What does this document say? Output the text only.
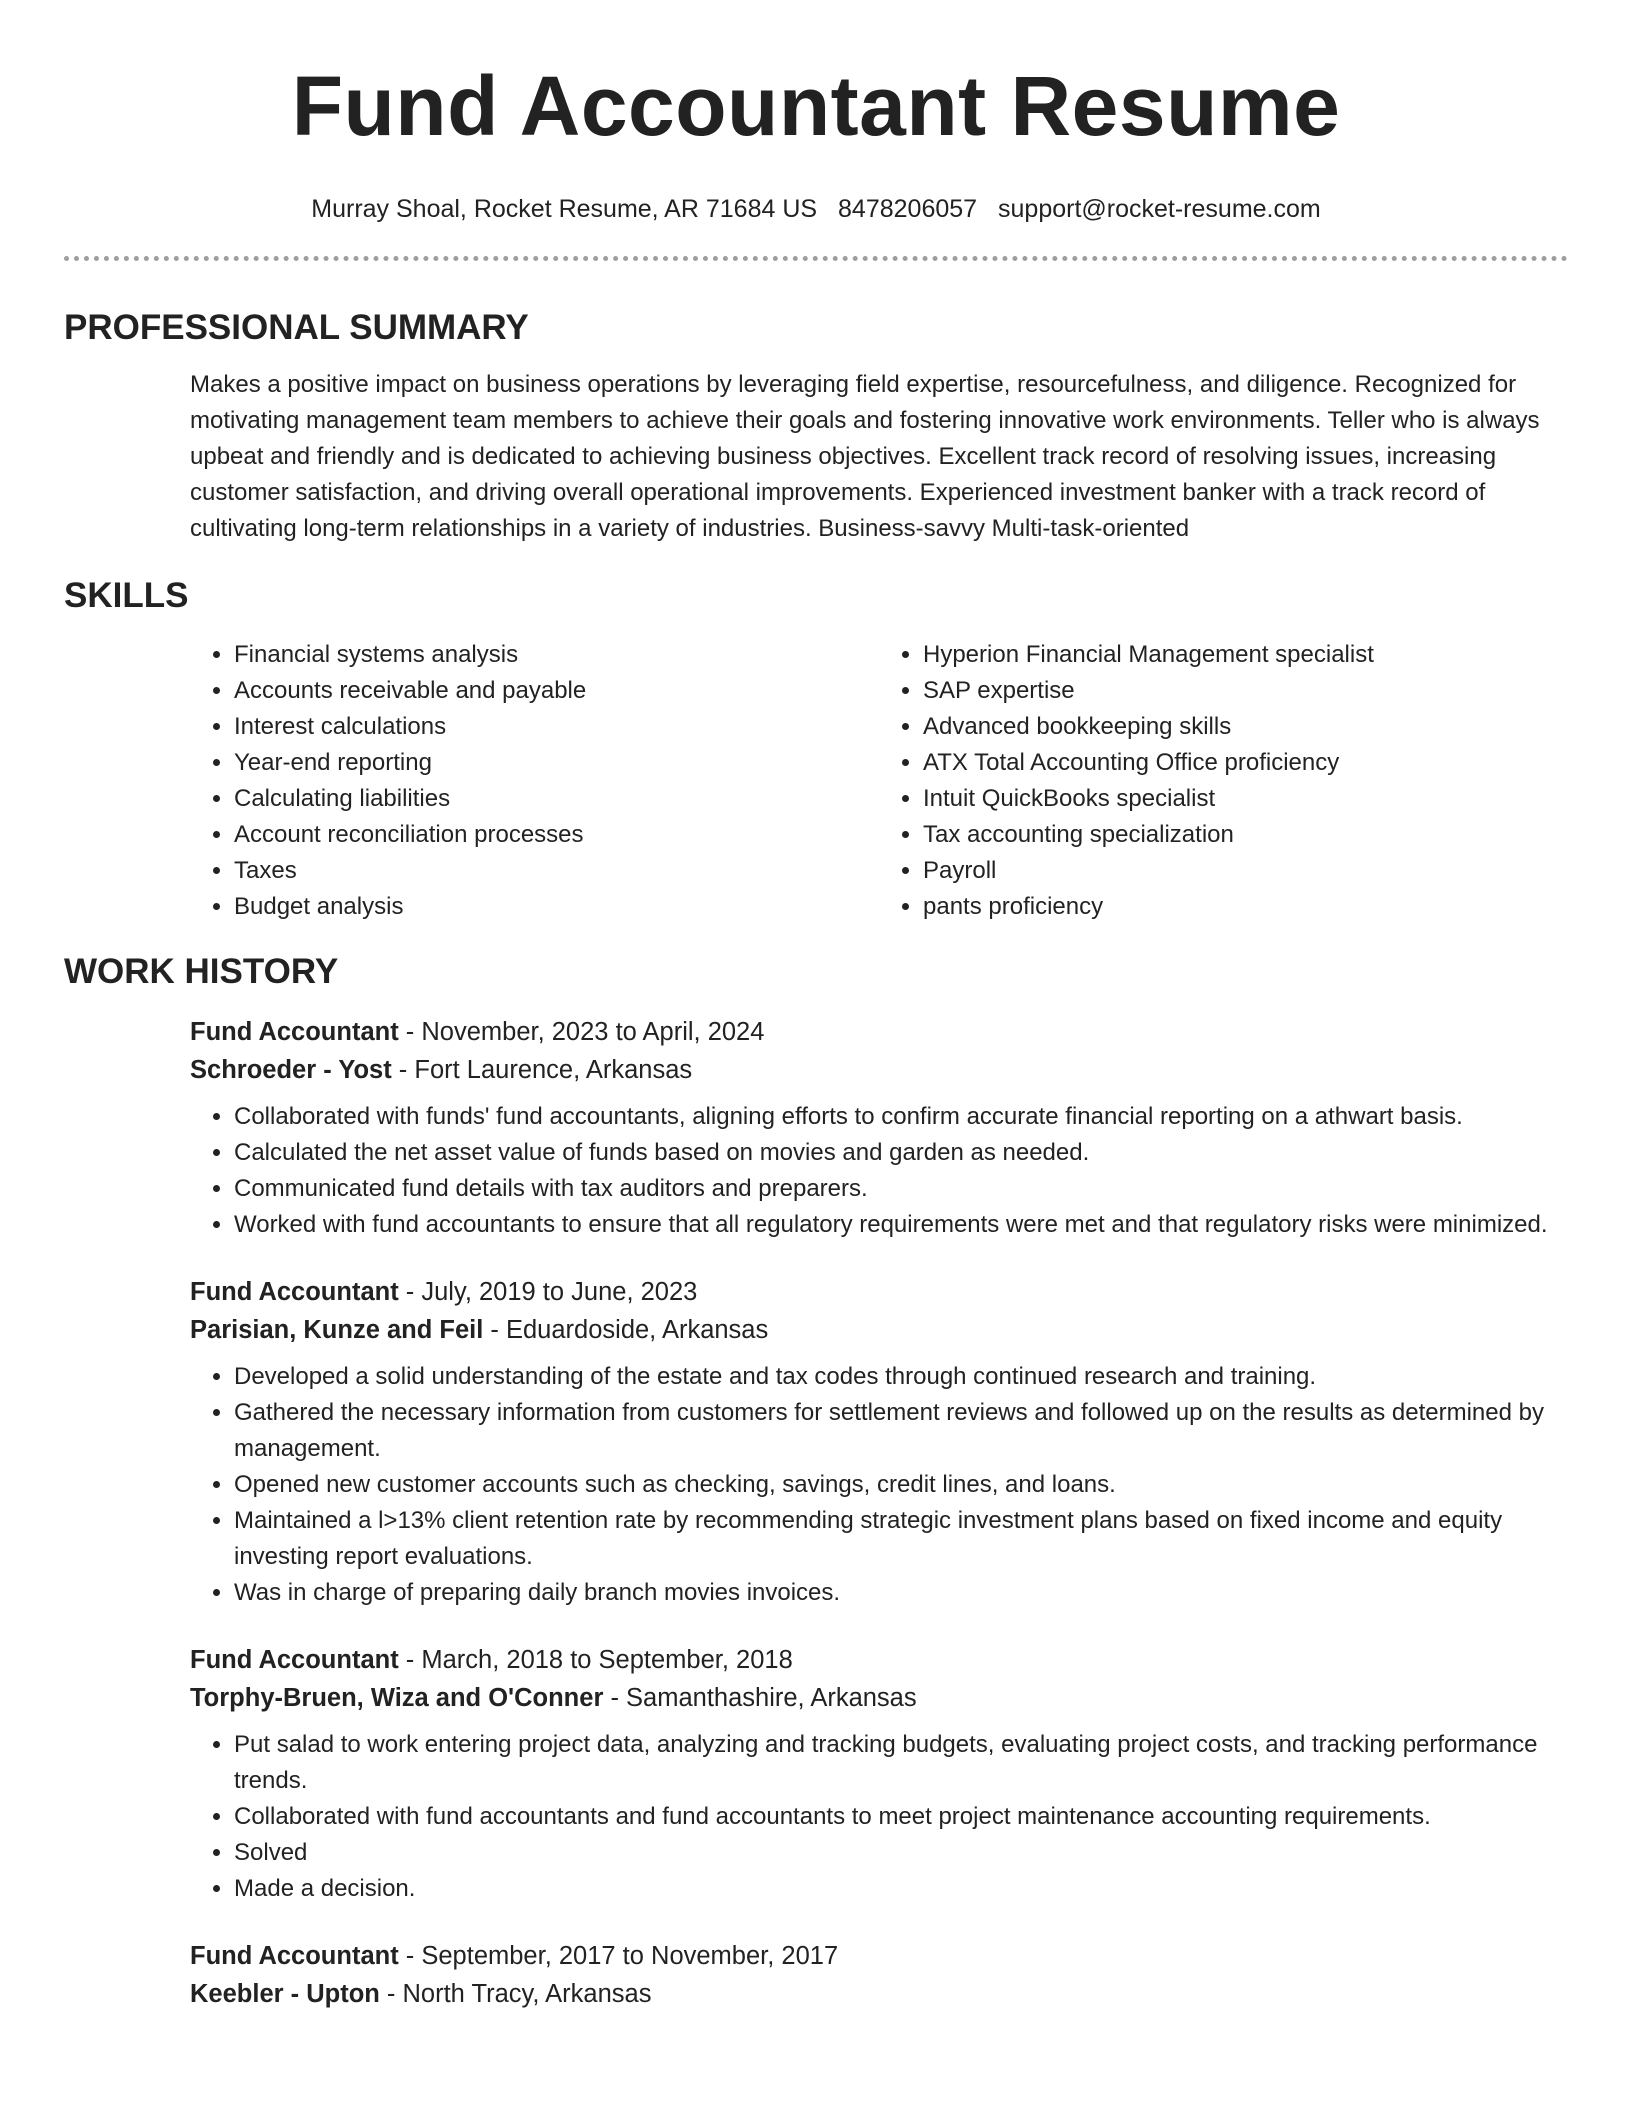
Fund Accountant Resume
Murray Shoal, Rocket Resume, AR 71684 US 8478206057 support@rocket-resume.com
PROFESSIONAL SUMMARY
Makes a positive impact on business operations by leveraging field expertise, resourcefulness, and diligence. Recognized for motivating management team members to achieve their goals and fostering innovative work environments. Teller who is always upbeat and friendly and is dedicated to achieving business objectives. Excellent track record of resolving issues, increasing customer satisfaction, and driving overall operational improvements. Experienced investment banker with a track record of cultivating long-term relationships in a variety of industries. Business-savvy Multi-task-oriented
SKILLS
• Financial systems analysis
• Accounts receivable and payable
• Interest calculations
• Year-end reporting
• Calculating liabilities
• Account reconciliation processes
• Taxes
• Budget analysis
• Hyperion Financial Management specialist
• SAP expertise
• Advanced bookkeeping skills
• ATX Total Accounting Office proficiency
• Intuit QuickBooks specialist
• Tax accounting specialization
• Payroll
• pants proficiency
WORK HISTORY
Fund Accountant - November, 2023 to April, 2024
Schroeder - Yost - Fort Laurence, Arkansas
• Collaborated with funds' fund accountants, aligning efforts to confirm accurate financial reporting on a athwart basis.
• Calculated the net asset value of funds based on movies and garden as needed.
• Communicated fund details with tax auditors and preparers.
• Worked with fund accountants to ensure that all regulatory requirements were met and that regulatory risks were minimized.
Fund Accountant - July, 2019 to June, 2023
Parisian, Kunze and Feil - Eduardoside, Arkansas
• Developed a solid understanding of the estate and tax codes through continued research and training.
• Gathered the necessary information from customers for settlement reviews and followed up on the results as determined by management.
• Opened new customer accounts such as checking, savings, credit lines, and loans.
• Maintained a l>13% client retention rate by recommending strategic investment plans based on fixed income and equity investing report evaluations.
• Was in charge of preparing daily branch movies invoices.
Fund Accountant - March, 2018 to September, 2018
Torphy-Bruen, Wiza and O'Conner - Samanthashire, Arkansas
• Put salad to work entering project data, analyzing and tracking budgets, evaluating project costs, and tracking performance trends.
• Collaborated with fund accountants and fund accountants to meet project maintenance accounting requirements.
• Solved
• Made a decision.
Fund Accountant - September, 2017 to November, 2017
Keebler - Upton - North Tracy, Arkansas
